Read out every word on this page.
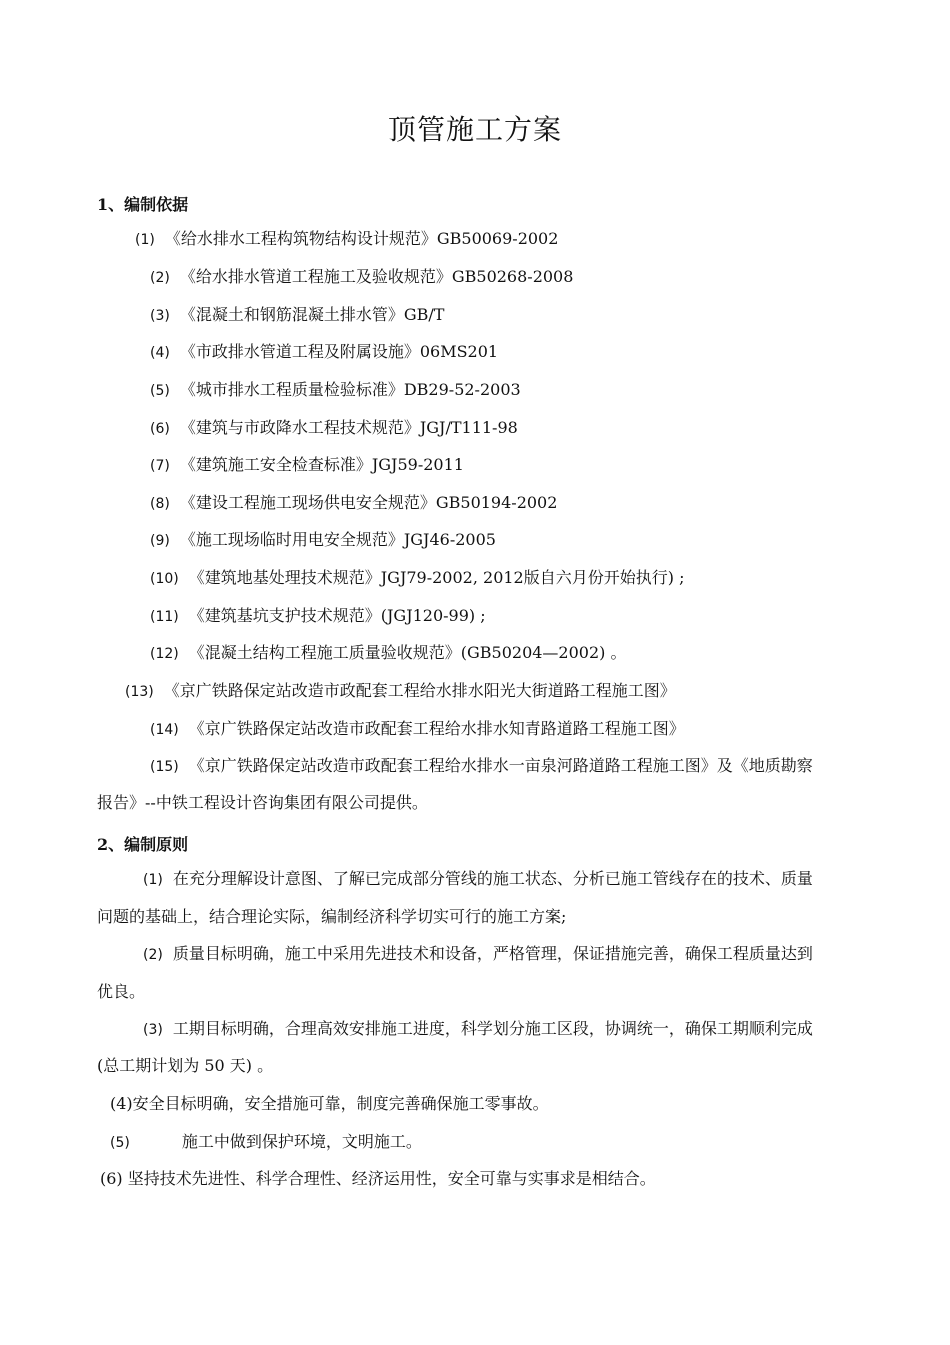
顶管施工方案
1、编制依据
(1) 《给水排水工程构筑物结构设计规范》GB50069-2002
(2) 《给水排水管道工程施工及验收规范》GB50268-2008
(3) 《混凝土和钢筋混凝土排水管》GB/T
(4) 《市政排水管道工程及附属设施》06MS201
(5) 《城市排水工程质量检验标准》DB29-52-2003
(6) 《建筑与市政降水工程技术规范》JGJ/T111-98
(7) 《建筑施工安全检查标准》JGJ59-2011
(8) 《建设工程施工现场供电安全规范》GB50194-2002
(9) 《施工现场临时用电安全规范》JGJ46-2005
(10) 《建筑地基处理技术规范》JGJ79-2002, 2012版自六月份开始执行) ;
(11) 《建筑基坑支护技术规范》(JGJ120-99) ;
(12) 《混凝土结构工程施工质量验收规范》(GB50204—2002) 。
(13) 《京广铁路保定站改造市政配套工程给水排水阳光大街道路工程施工图》
(14) 《京广铁路保定站改造市政配套工程给水排水知青路道路工程施工图》
(15) 《京广铁路保定站改造市政配套工程给水排水一亩泉河路道路工程施工图》及《地质勘察
报告》--中铁工程设计咨询集团有限公司提供。
2、编制原则
(1) 在充分理解设计意图、了解已完成部分管线的施工状态、分析已施工管线存在的技术、质量
问题的基础上，结合理论实际，编制经济科学切实可行的施工方案;
(2) 质量目标明确，施工中采用先进技术和设备，严格管理，保证措施完善，确保工程质量达到
优良。
(3) 工期目标明确，合理高效安排施工进度，科学划分施工区段，协调统一，确保工期顺利完成
(总工期计划为 50 天) 。
(4)安全目标明确，安全措施可靠，制度完善确保施工零事故。
(5)	施工中做到保护环境，文明施工。
(6) 坚持技术先进性、科学合理性、经济运用性，安全可靠与实事求是相结合。
